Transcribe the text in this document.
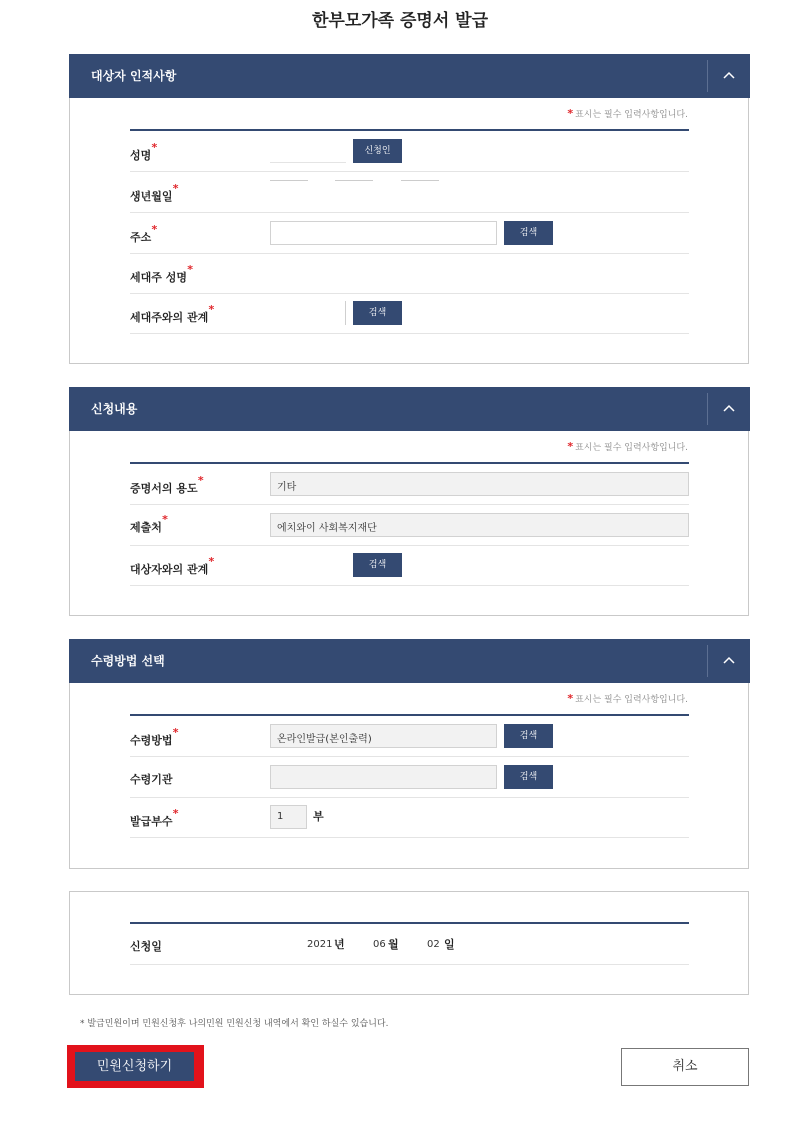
한부모가족 증명서 발급
대상자 인적사항
* 표시는 필수 입력사항입니다.
성명
*	신청인
생년월일
*
주소
*	검색
세대주 성명
*
세대주와의 관계
*	검색
신청내용
* 표시는 필수 입력사항입니다.
증명서의 용도
*
기타
제출처
*
에치와이 사회복지재단
대상자와의 관계
*	검색
수령방법 선택
* 표시는 필수 입력사항입니다.
수령방법
*
온라인발급(본인출력)	검색
수령기관	검색
발급부수
*	1	부
신청일	2021 년	06 월	02 일
* 발급민원이며 민원신청후 나의민원 민원신청 내역에서 확인 하실수 있습니다.
민원신청하기	취소
